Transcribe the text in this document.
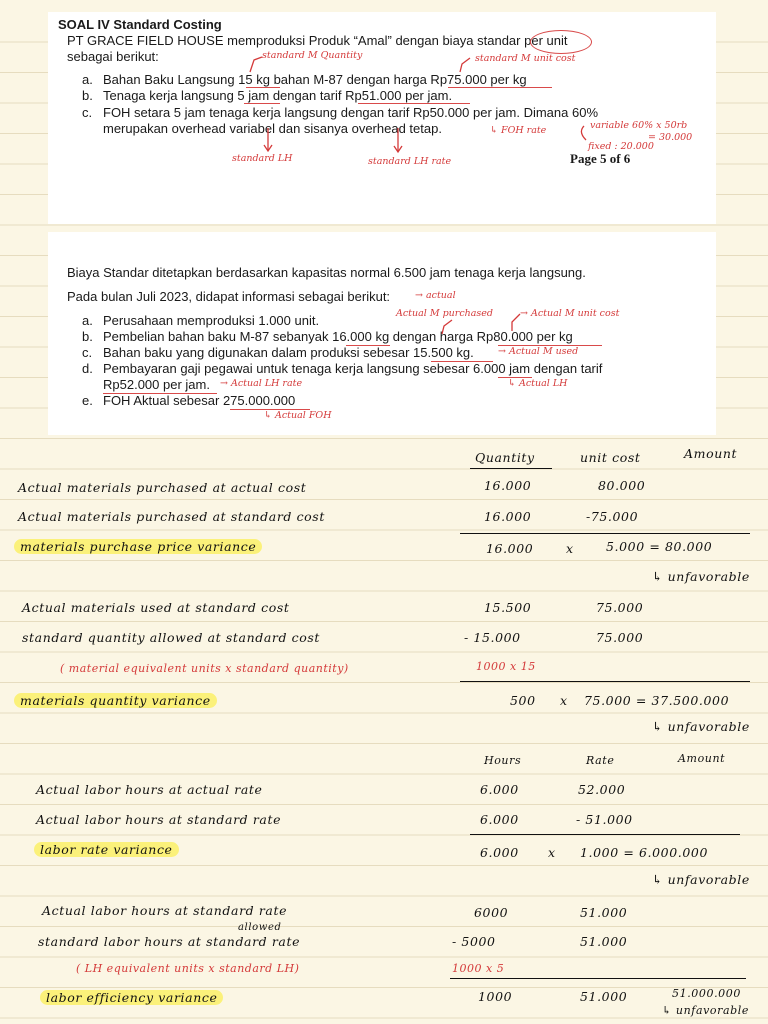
SOAL IV Standard Costing
PT GRACE FIELD HOUSE memproduksi Produk “Amal” dengan biaya standar per unit
sebagai berikut:
a. Bahan Baku Langsung 15 kg bahan M-87 dengan harga Rp75.000 per kg
b. Tenaga kerja langsung 5 jam dengan tarif Rp51.000 per jam.
c. FOH setara 5 jam tenaga kerja langsung dengan tarif Rp50.000 per jam. Dimana 60%
merupakan overhead variabel dan sisanya overhead tetap.
Page 5 of 6
standard M Quantity	standard M unit cost
↳ FOH rate	variable 60% x 50rb
= 30.000
fixed : 20.000
standard LH	standard LH rate
Biaya Standar ditetapkan berdasarkan kapasitas normal 6.500 jam tenaga kerja langsung.
Pada bulan Juli 2023, didapat informasi sebagai berikut:	→ actual
a. Perusahaan memproduksi 1.000 unit.
b. Pembelian bahan baku M-87 sebanyak 16.000 kg dengan harga Rp80.000 per kg
c. Bahan baku yang digunakan dalam produksi sebesar 15.500 kg.
d. Pembayaran gaji pegawai untuk tenaga kerja langsung sebesar 6.000 jam dengan tarif
Rp52.000 per jam.
e. FOH Aktual sebesar 275.000.000
Actual M purchased	→ Actual M unit cost
→ Actual M used
→ Actual LH rate	↳ Actual LH
↳ Actual FOH
Quantity	unit cost	Amount
Actual materials purchased at actual cost	16.000	80.000
Actual materials purchased at standard cost	16.000	-75.000
materials purchase price variance	16.000	x	5.000 = 80.000
↳ unfavorable
Actual materials used at standard cost	15.500	75.000
standard quantity allowed at standard cost	- 15.000	75.000
( material equivalent units x standard quantity)	1000 x 15
materials quantity variance	500 x 75.000 = 37.500.000
↳ unfavorable
Hours	Rate	Amount
Actual labor hours at actual rate	6.000	52.000
Actual labor hours at standard rate	6.000	- 51.000
labor rate variance	6.000 x 1.000 = 6.000.000
↳ unfavorable
Actual labor hours at standard rate	6000	51.000
allowed
standard labor hours at standard rate	- 5000	51.000
( LH equivalent units x standard LH)	1000 x 5
labor efficiency variance	1000	51.000	51.000.000
↳ unfavorable
